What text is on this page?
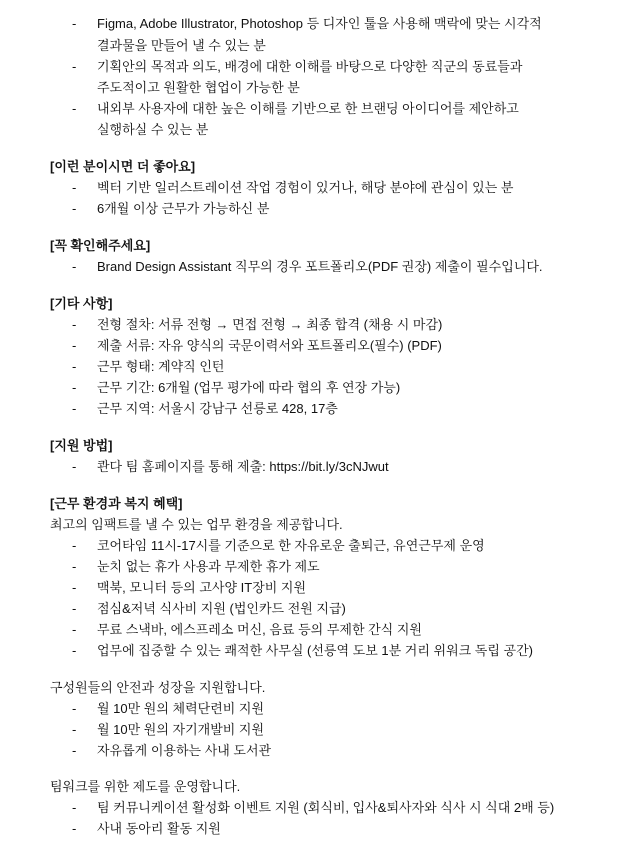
- Figma, Adobe Illustrator, Photoshop 등 디자인 툴을 사용해 맥락에 맞는 시각적
결과물을 만들어 낼 수 있는 분
- 기획안의 목적과 의도, 배경에 대한 이해를 바탕으로 다양한 직군의 동료들과
주도적이고 원활한 협업이 가능한 분
- 내외부 사용자에 대한 높은 이해를 기반으로 한 브랜딩 아이디어를 제안하고
실행하실 수 있는 분
[이런 분이시면 더 좋아요]
- 벡터 기반 일러스트레이션 작업 경험이 있거나, 해당 분야에 관심이 있는 분
- 6개월 이상 근무가 가능하신 분
[꼭 확인해주세요]
- Brand Design Assistant 직무의 경우 포트폴리오(PDF 권장) 제출이 필수입니다.
[기타 사항]
- 전형 절차: 서류 전형 → 면접 전형 → 최종 합격 (채용 시 마감)
- 제출 서류: 자유 양식의 국문이력서와 포트폴리오(필수) (PDF)
- 근무 형태: 계약직 인턴
- 근무 기간: 6개월 (업무 평가에 따라 협의 후 연장 가능)
- 근무 지역: 서울시 강남구 선릉로 428, 17층
[지원 방법]
- 콴다 팀 홈페이지를 통해 제출: https://bit.ly/3cNJwut
[근무 환경과 복지 혜택]
최고의 임팩트를 낼 수 있는 업무 환경을 제공합니다.
- 코어타임 11시-17시를 기준으로 한 자유로운 출퇴근, 유연근무제 운영
- 눈치 없는 휴가 사용과 무제한 휴가 제도
- 맥북, 모니터 등의 고사양 IT장비 지원
- 점심&저녁 식사비 지원 (법인카드 전원 지급)
- 무료 스낵바, 에스프레소 머신, 음료 등의 무제한 간식 지원
- 업무에 집중할 수 있는 쾌적한 사무실 (선릉역 도보 1분 거리 위워크 독립 공간)
구성원들의 안전과 성장을 지원합니다.
- 월 10만 원의 체력단련비 지원
- 월 10만 원의 자기개발비 지원
- 자유롭게 이용하는 사내 도서관
팀워크를 위한 제도를 운영합니다.
- 팀 커뮤니케이션 활성화 이벤트 지원 (회식비, 입사&퇴사자와 식사 시 식대 2배 등)
- 사내 동아리 활동 지원
